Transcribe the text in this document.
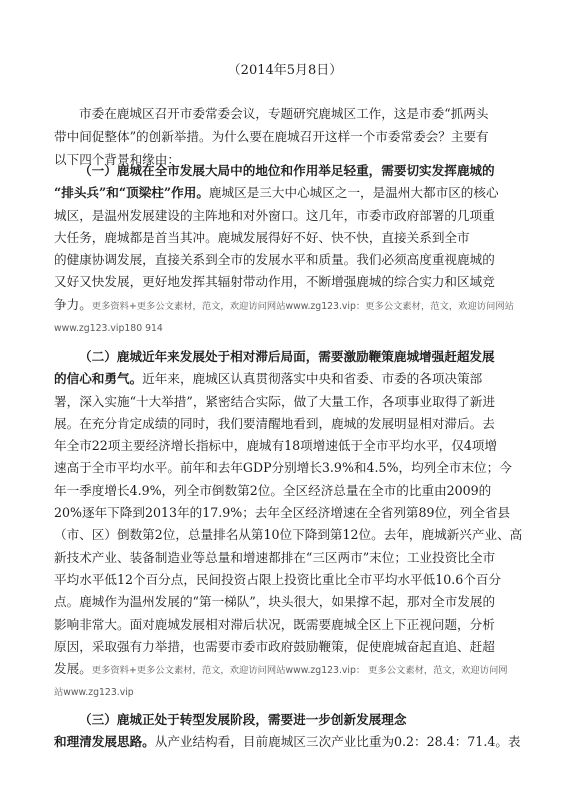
（2014年5月8日）
市委在鹿城区召开市委常委会议，专题研究鹿城区工作，这是市委“抓两头
带中间促整体”的创新举措。为什么要在鹿城召开这样一个市委常委会？主要有
以下四个背景和缘由：
（一）鹿城在全市发展大局中的地位和作用举足轻重，需要切实发挥鹿城的
“排头兵”和“顶梁柱”作用。鹿城区是三大中心城区之一，是温州大都市区的核心
城区，是温州发展建设的主阵地和对外窗口。这几年，市委市政府部署的几项重
大任务，鹿城都是首当其冲。鹿城发展得好不好、快不快，直接关系到全市
的健康协调发展，直接关系到全市的发展水平和质量。我们必须高度重视鹿城的
又好又快发展，更好地发挥其辐射带动作用，不断增强鹿城的综合实力和区域竞
争力。更多资料+更多公文素材，范文，欢迎访问网站www.zg123.vip：更多公文素材，范文，欢迎访问网站
www.zg123.vip180 914
（二）鹿城近年来发展处于相对滞后局面，需要激励鞭策鹿城增强赶超发展
的信心和勇气。近年来，鹿城区认真贯彻落实中央和省委、市委的各项决策部
署，深入实施“十大举措”，紧密结合实际，做了大量工作，各项事业取得了新进
展。在充分肯定成绩的同时，我们要清醒地看到，鹿城的发展明显相对滞后。去
年全市22项主要经济增长指标中，鹿城有18项增速低于全市平均水平，仅4项增
速高于全市平均水平。前年和去年GDP分别增长3.9%和4.5%，均列全市末位；今
年一季度增长4.9%，列全市倒数第2位。全区经济总量在全市的比重由2009的
20%逐年下降到2013年的17.9%；去年全区经济增速在全省列第89位，列全省县
（市、区）倒数第2位，总量排名从第10位下降到第12位。去年，鹿城新兴产业、高
新技术产业、装备制造业等总量和增速都排在“三区两市”末位；工业投资比全市
平均水平低12个百分点，民间投资占限上投资比重比全市平均水平低10.6个百分
点。鹿城作为温州发展的“第一梯队”，块头很大，如果撑不起，那对全市发展的
影响非常大。面对鹿城发展相对滞后状况，既需要鹿城全区上下正视问题，分析
原因，采取强有力举措，也需要市委市政府鼓励鞭策，促使鹿城奋起直追、赶超
发展。更多资料+更多公文素材，范文，欢迎访问网站www.zg123.vip： 更多公文素材，范文，欢迎访问网
站www.zg123.vip
（三）鹿城正处于转型发展阶段，需要进一步创新发展理念
和理清发展思路。从产业结构看，目前鹿城区三次产业比重为0.2：28.4：71.4。表
